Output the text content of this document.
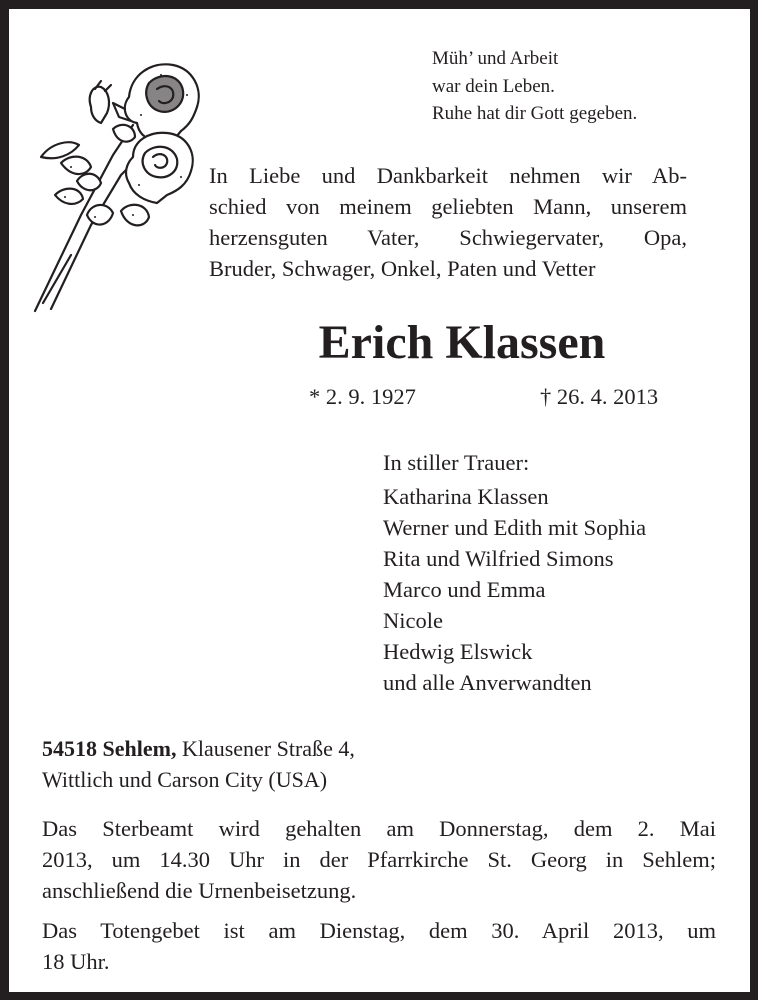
Müh’ und Arbeit
war dein Leben.
Ruhe hat dir Gott gegeben.
In Liebe und Dankbarkeit nehmen wir Ab-
schied von meinem geliebten Mann, unserem
herzensguten Vater, Schwiegervater, Opa,
Bruder, Schwager, Onkel, Paten und Vetter
Erich Klassen
* 2. 9. 1927	† 26. 4. 2013
In stiller Trauer:
Katharina Klassen
Werner und Edith mit Sophia
Rita und Wilfried Simons
Marco und Emma
Nicole
Hedwig Elswick
und alle Anverwandten
54518 Sehlem, Klausener Straße 4,
Wittlich und Carson City (USA)
Das Sterbeamt wird gehalten am Donnerstag, dem 2. Mai
2013, um 14.30 Uhr in der Pfarrkirche St. Georg in Sehlem;
anschließend die Urnenbeisetzung.
Das Totengebet ist am Dienstag, dem 30. April 2013, um
18 Uhr.
